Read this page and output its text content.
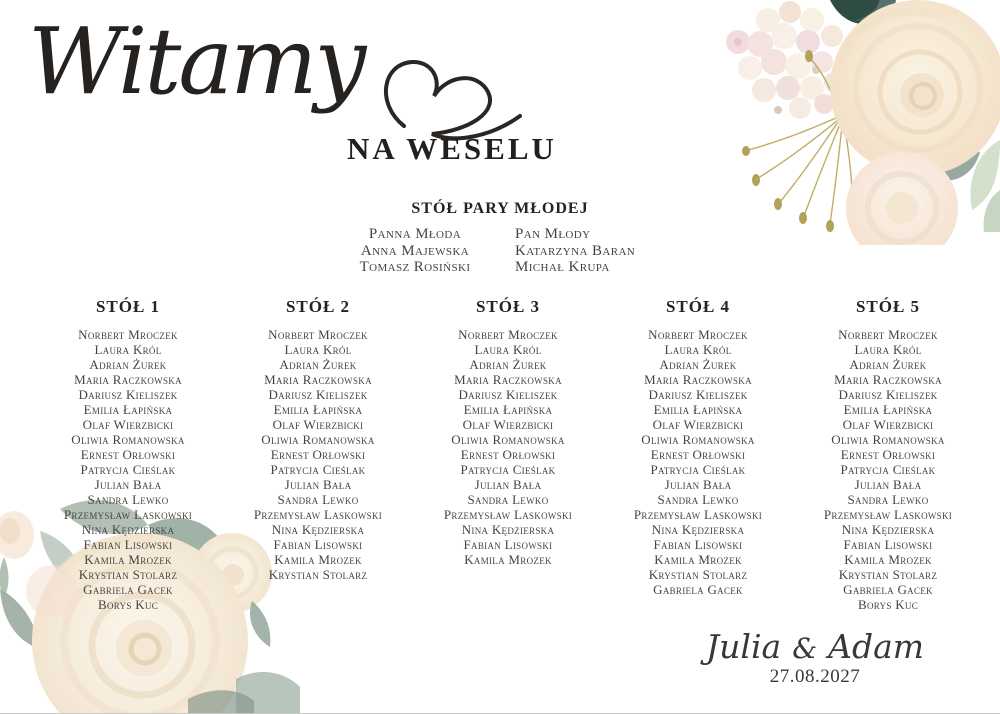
Witamy
NA WESELU
STÓŁ PARY MŁODEJ
Panna Młoda
Anna Majewska
Tomasz Rosiński
Pan Młody
Katarzyna Baran
Michał Krupa
STÓŁ 1
Norbert Mroczek
Laura Król
Adrian Żurek
Maria Raczkowska
Dariusz Kieliszek
Emilia Łapińska
Olaf Wierzbicki
Oliwia Romanowska
Ernest Orłowski
Patrycja Cieślak
Julian Bała
Sandra Lewko
Przemysław Laskowski
Nina Kędzierska
Fabian Lisowski
Kamila Mrozek
Krystian Stolarz
Gabriela Gacek
Borys Kuc
STÓŁ 2
Norbert Mroczek
Laura Król
Adrian Żurek
Maria Raczkowska
Dariusz Kieliszek
Emilia Łapińska
Olaf Wierzbicki
Oliwia Romanowska
Ernest Orłowski
Patrycja Cieślak
Julian Bała
Sandra Lewko
Przemysław Laskowski
Nina Kędzierska
Fabian Lisowski
Kamila Mrozek
Krystian Stolarz
STÓŁ 3
Norbert Mroczek
Laura Król
Adrian Żurek
Maria Raczkowska
Dariusz Kieliszek
Emilia Łapińska
Olaf Wierzbicki
Oliwia Romanowska
Ernest Orłowski
Patrycja Cieślak
Julian Bała
Sandra Lewko
Przemysław Laskowski
Nina Kędzierska
Fabian Lisowski
Kamila Mrozek
STÓŁ 4
Norbert Mroczek
Laura Król
Adrian Żurek
Maria Raczkowska
Dariusz Kieliszek
Emilia Łapińska
Olaf Wierzbicki
Oliwia Romanowska
Ernest Orłowski
Patrycja Cieślak
Julian Bała
Sandra Lewko
Przemysław Laskowski
Nina Kędzierska
Fabian Lisowski
Kamila Mrozek
Krystian Stolarz
Gabriela Gacek
STÓŁ 5
Norbert Mroczek
Laura Król
Adrian Żurek
Maria Raczkowska
Dariusz Kieliszek
Emilia Łapińska
Olaf Wierzbicki
Oliwia Romanowska
Ernest Orłowski
Patrycja Cieślak
Julian Bała
Sandra Lewko
Przemysław Laskowski
Nina Kędzierska
Fabian Lisowski
Kamila Mrozek
Krystian Stolarz
Gabriela Gacek
Borys Kuc
Julia & Adam
27.08.2027
